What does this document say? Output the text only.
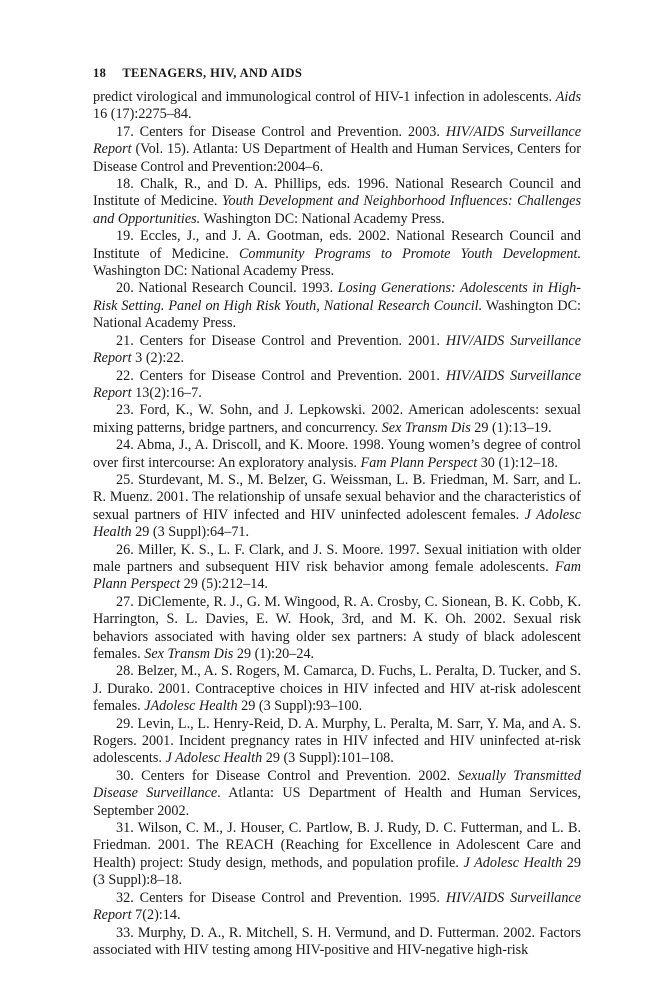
18 TEENAGERS, HIV, AND AIDS

predict virological and immunological control of HIV-1 infection in adolescents. Aids 16 (17):2275–84.

17. Centers for Disease Control and Prevention. 2003. HIV/AIDS Surveillance Report (Vol. 15). Atlanta: US Department of Health and Human Services, Centers for Disease Control and Prevention:2004–6.

18. Chalk, R., and D. A. Phillips, eds. 1996. National Research Council and Institute of Medicine. Youth Development and Neighborhood Influences: Challenges and Opportunities. Washington DC: National Academy Press.

19. Eccles, J., and J. A. Gootman, eds. 2002. National Research Council and Institute of Medicine. Community Programs to Promote Youth Development. Washington DC: National Academy Press.

20. National Research Council. 1993. Losing Generations: Adolescents in High-Risk Setting. Panel on High Risk Youth, National Research Council. Washington DC: National Academy Press.

21. Centers for Disease Control and Prevention. 2001. HIV/AIDS Surveillance Report 3 (2):22.

22. Centers for Disease Control and Prevention. 2001. HIV/AIDS Surveillance Report 13(2):16–7.

23. Ford, K., W. Sohn, and J. Lepkowski. 2002. American adolescents: sexual mixing patterns, bridge partners, and concurrency. Sex Transm Dis 29 (1):13–19.

24. Abma, J., A. Driscoll, and K. Moore. 1998. Young women’s degree of control over first intercourse: An exploratory analysis. Fam Plann Perspect 30 (1):12–18.

25. Sturdevant, M. S., M. Belzer, G. Weissman, L. B. Friedman, M. Sarr, and L. R. Muenz. 2001. The relationship of unsafe sexual behavior and the characteristics of sexual partners of HIV infected and HIV uninfected adolescent females. J Adolesc Health 29 (3 Suppl):64–71.

26. Miller, K. S., L. F. Clark, and J. S. Moore. 1997. Sexual initiation with older male partners and subsequent HIV risk behavior among female adolescents. Fam Plann Perspect 29 (5):212–14.

27. DiClemente, R. J., G. M. Wingood, R. A. Crosby, C. Sionean, B. K. Cobb, K. Harrington, S. L. Davies, E. W. Hook, 3rd, and M. K. Oh. 2002. Sexual risk behaviors associated with having older sex partners: A study of black adolescent females. Sex Transm Dis 29 (1):20–24.

28. Belzer, M., A. S. Rogers, M. Camarca, D. Fuchs, L. Peralta, D. Tucker, and S. J. Durako. 2001. Contraceptive choices in HIV infected and HIV at-risk adolescent females. JAdolesc Health 29 (3 Suppl):93–100.

29. Levin, L., L. Henry-Reid, D. A. Murphy, L. Peralta, M. Sarr, Y. Ma, and A. S. Rogers. 2001. Incident pregnancy rates in HIV infected and HIV uninfected at-risk adolescents. J Adolesc Health 29 (3 Suppl):101–108.

30. Centers for Disease Control and Prevention. 2002. Sexually Transmitted Disease Surveillance. Atlanta: US Department of Health and Human Services, September 2002.

31. Wilson, C. M., J. Houser, C. Partlow, B. J. Rudy, D. C. Futterman, and L. B. Friedman. 2001. The REACH (Reaching for Excellence in Adolescent Care and Health) project: Study design, methods, and population profile. J Adolesc Health 29 (3 Suppl):8–18.

32. Centers for Disease Control and Prevention. 1995. HIV/AIDS Surveillance Report 7(2):14.

33. Murphy, D. A., R. Mitchell, S. H. Vermund, and D. Futterman. 2002. Factors associated with HIV testing among HIV-positive and HIV-negative high-risk
